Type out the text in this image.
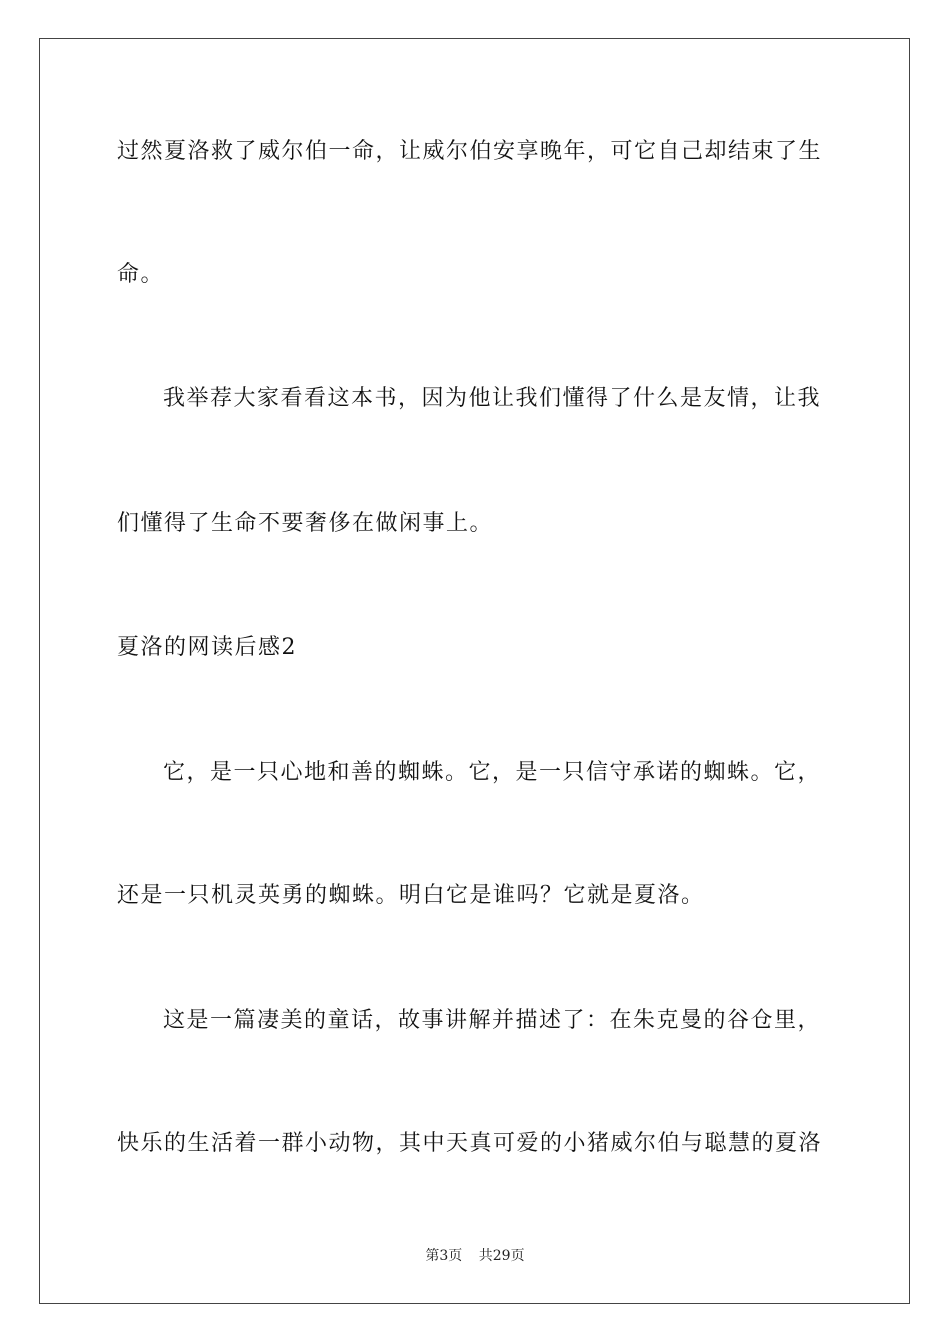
过然夏洛救了威尔伯一命，让威尔伯安享晚年，可它自己却结束了生
命。
我举荐大家看看这本书，因为他让我们懂得了什么是友情，让我
们懂得了生命不要奢侈在做闲事上。
夏洛的网读后感2
它，是一只心地和善的蜘蛛。它，是一只信守承诺的蜘蛛。它，
还是一只机灵英勇的蜘蛛。明白它是谁吗？它就是夏洛。
这是一篇凄美的童话，故事讲解并描述了：在朱克曼的谷仓里，
快乐的生活着一群小动物，其中天真可爱的小猪威尔伯与聪慧的夏洛
第3页 共29页
